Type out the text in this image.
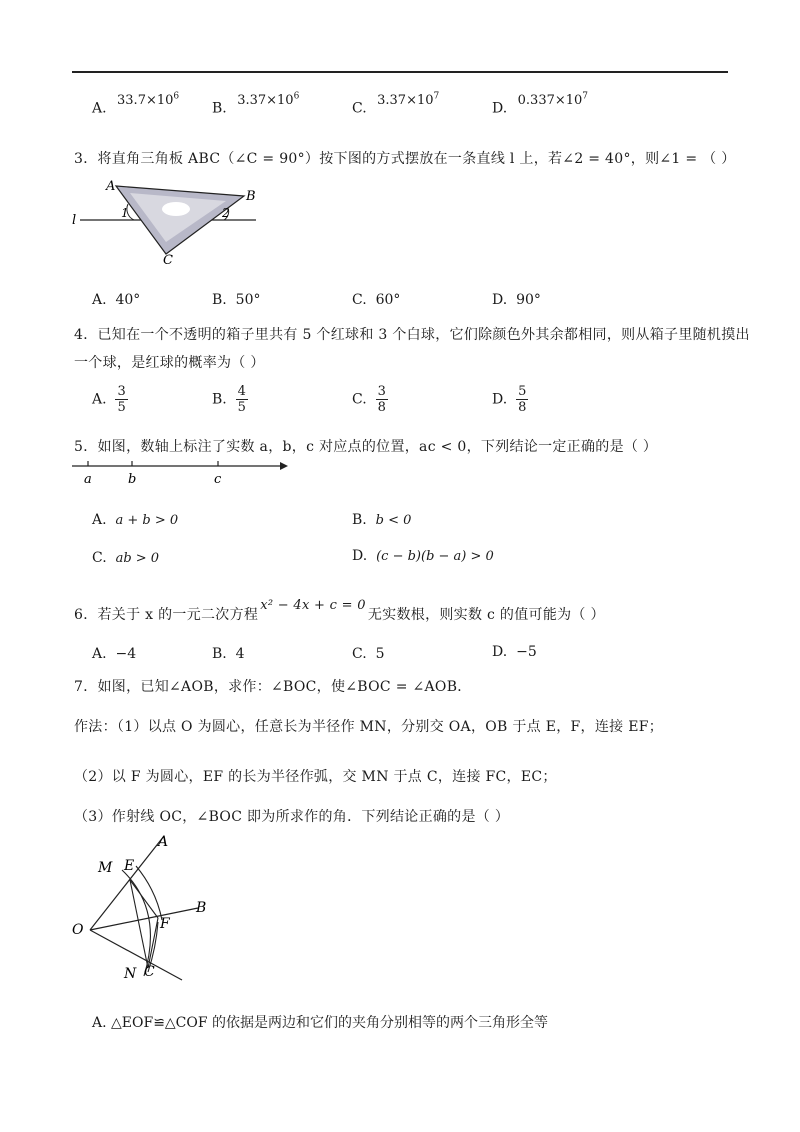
A. $33.7\times 10^6$
B. $3.37\times 10^6$
C. $3.37\times 10^7$
D. $0.337\times 10^7$
3．将直角三角板 ABC（∠C = 90°）按下图的方式摆放在一条直线 l 上，若∠2 = 40°，则∠1 = （ ）
A
B
C
l	1	2
A. 40°	B. 50°	C. 60°	D. 90°
4．已知在一个不透明的箱子里共有 5 个红球和 3 个白球，它们除颜色外其余都相同，则从箱子里随机摸出
一个球，是红球的概率为（ ）
A. $\frac{3}{5}$	B. $\frac{4}{5}$	C. $\frac{3}{8}$	D. $\frac{5}{8}$
5．如图，数轴上标注了实数 a，b，c 对应点的位置，ac < 0，下列结论一定正确的是（ ）
a	b	c
A. a + b > 0	B. b < 0
C. ab > 0	D. (c − b)(b − a) > 0
6．若关于 x 的一元二次方程x² − 4x + c = 0无实数根，则实数 c 的值可能为（ ）
A. −4	B. 4	C. 5	D. −5
7．如图，已知∠AOB，求作：∠BOC，使∠BOC = ∠AOB．
作法：（1）以点 O 为圆心，任意长为半径作 MN，分别交 OA，OB 于点 E，F，连接 EF；
（2）以 F 为圆心，EF 的长为半径作弧，交 MN 于点 C，连接 FC，EC；
（3）作射线 OC，∠BOC 即为所求作的角．下列结论正确的是（ ）
A
B
O
M E
F
N C
A. △EOF≌△COF 的依据是两边和它们的夹角分别相等的两个三角形全等
